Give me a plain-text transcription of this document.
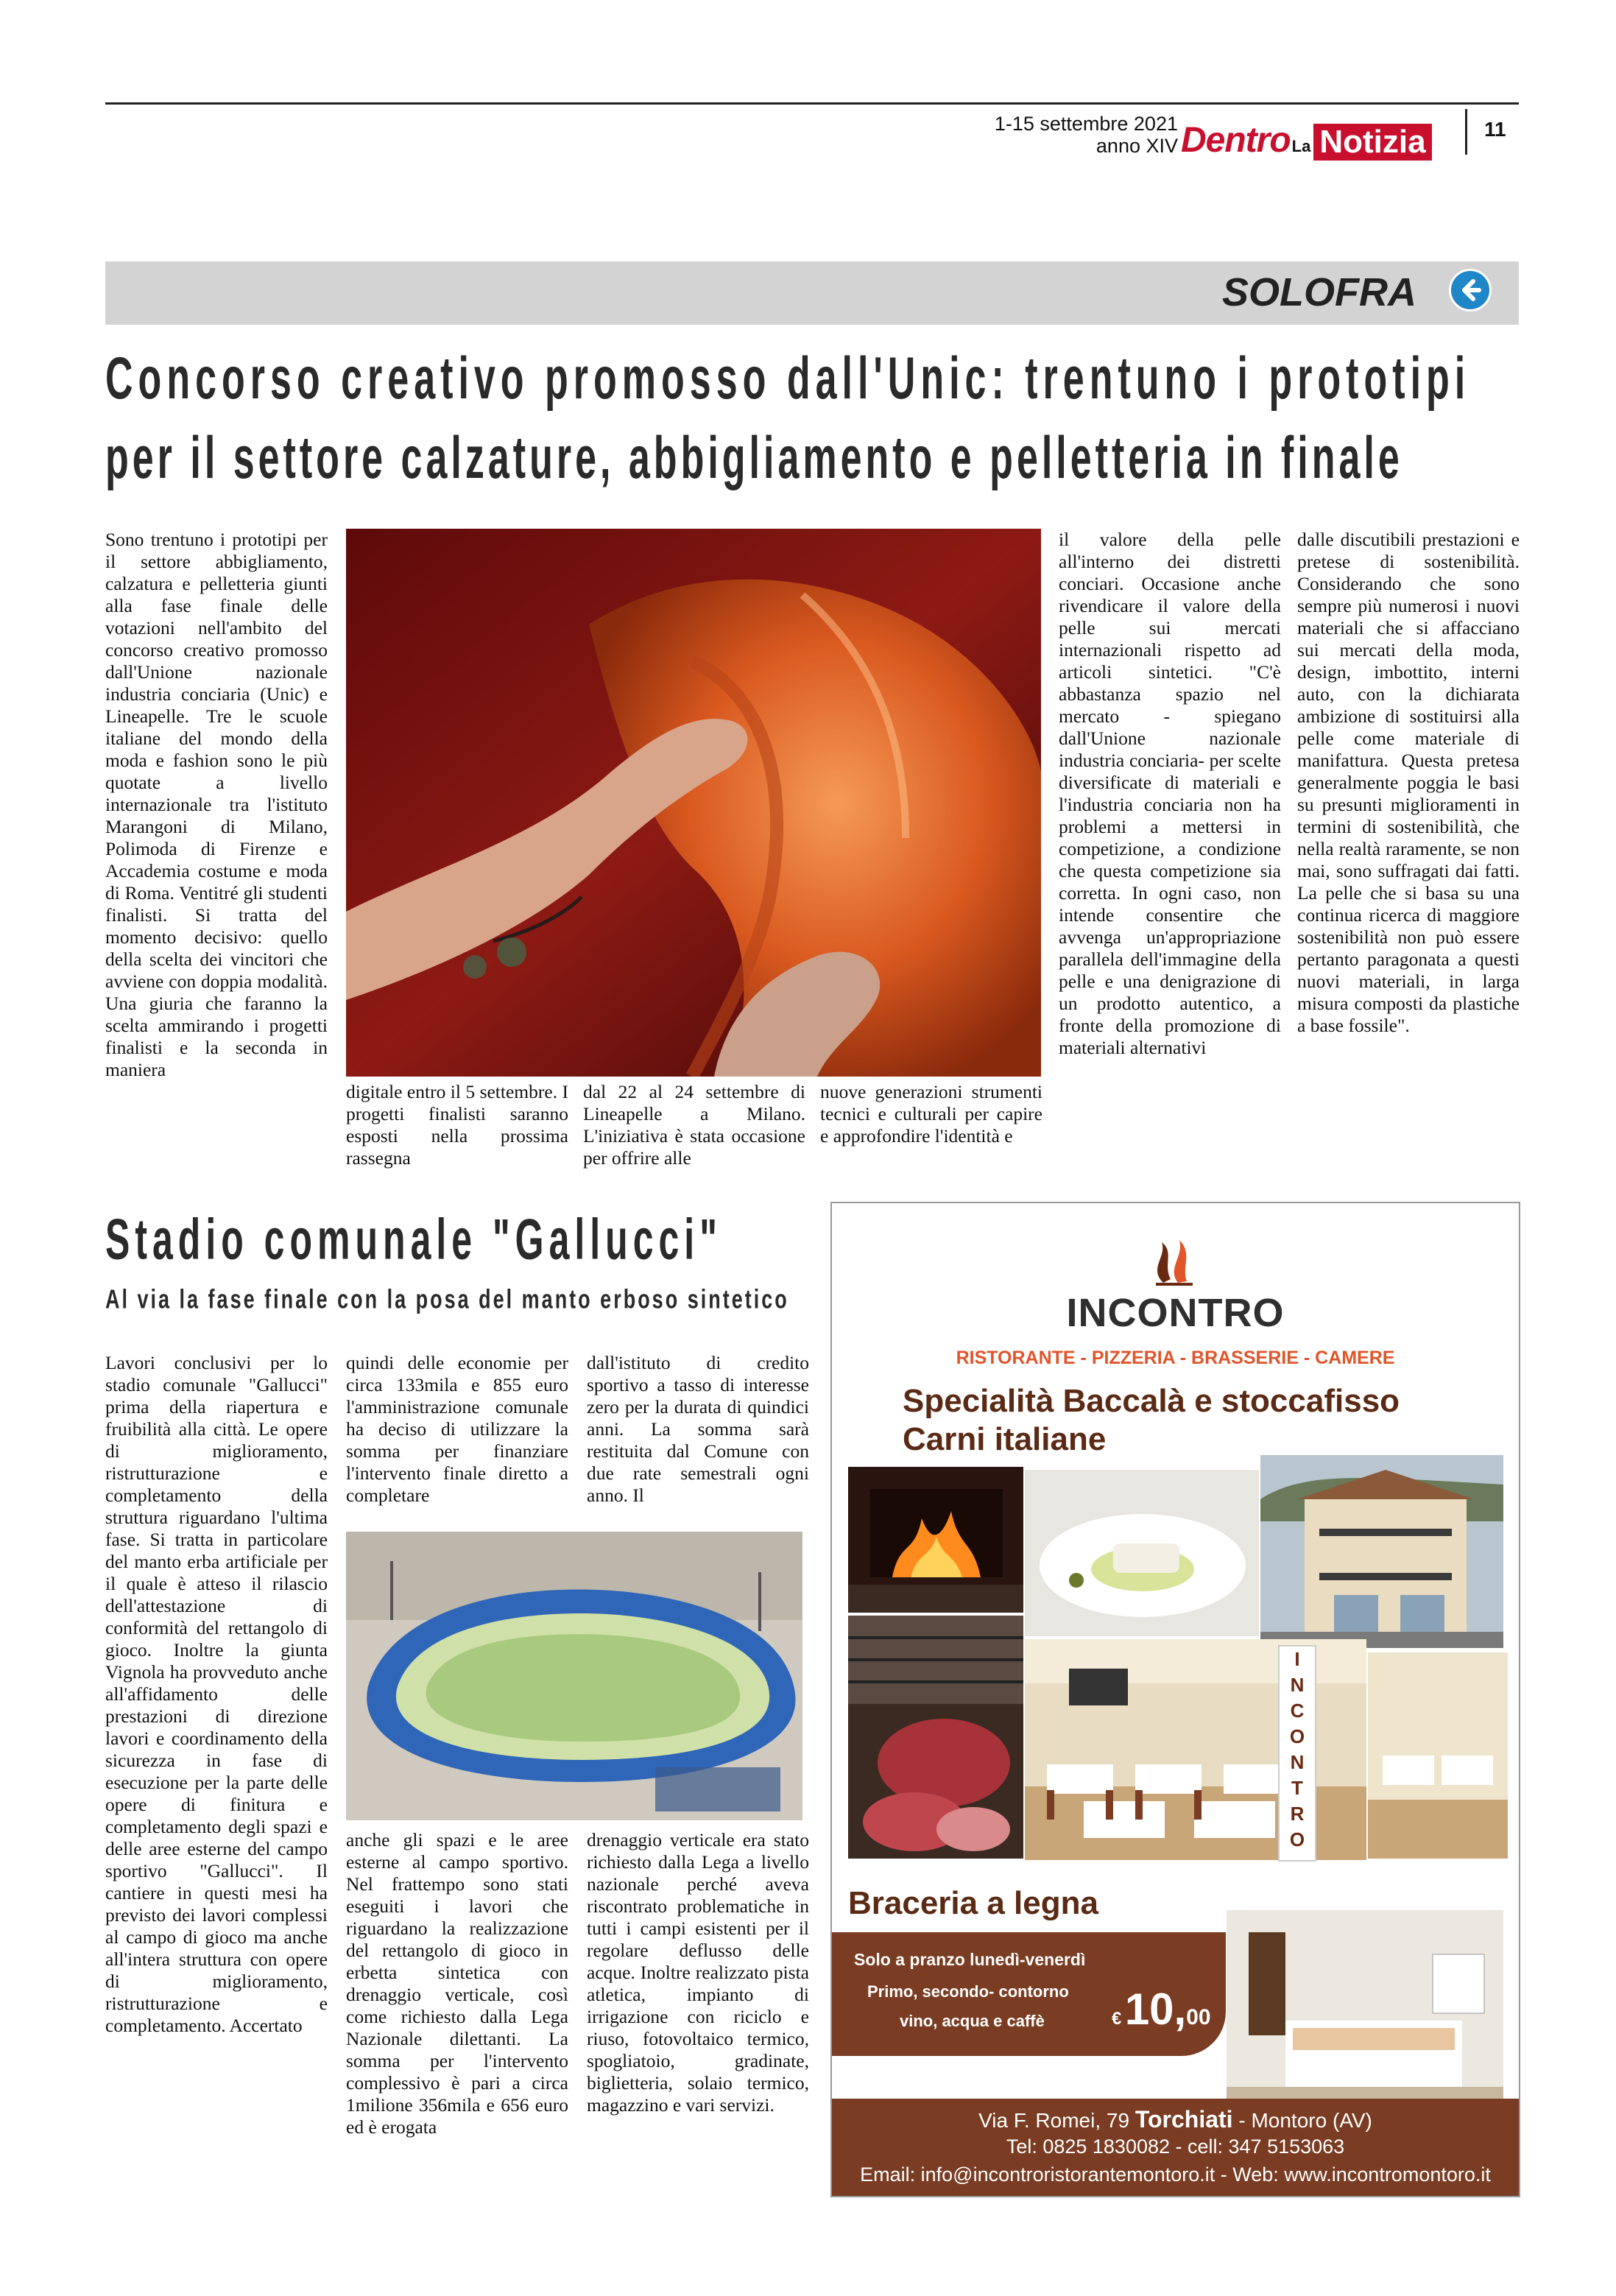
1-15 settembre 2021
anno XIV Dentro La Notizia	11
SOLOFRA
Concorso creativo promosso dall'Unic: trentuno i prototipi
per il settore calzature, abbigliamento e pelletteria in finale

Sono trentuno i prototipi per il settore abbigliamento, calzatura e pelletteria giunti alla fase finale delle votazioni nell'ambito del concorso creativo promosso dall'Unione nazionale industria conciaria (Unic) e Lineapelle. Tre le scuole italiane del mondo della moda e fashion sono le più quotate a livello internazionale tra l'istituto Marangoni di Milano, Polimoda di Firenze e Accademia costume e moda di Roma. Ventitré gli studenti finalisti. Si tratta del momento decisivo: quello della scelta dei vincitori che avviene con doppia modalità. Una giuria che faranno la scelta ammirando i progetti finalisti e la seconda in maniera

digitale entro il 5 settembre. I progetti finalisti saranno esposti nella prossima rassegna

dal 22 al 24 settembre di Lineapelle a Milano. L'iniziativa è stata occasione per offrire alle

nuove generazioni strumenti tecnici e culturali per capire e approfondire l'identità e

il valore della pelle all'interno dei distretti conciari. Occasione anche rivendicare il valore della pelle sui mercati internazionali rispetto ad articoli sintetici. "C'è abbastanza spazio nel mercato - spiegano dall'Unione nazionale industria conciaria- per scelte diversificate di materiali e l'industria conciaria non ha problemi a mettersi in competizione, a condizione che questa competizione sia corretta. In ogni caso, non intende consentire che avvenga un'appropriazione parallela dell'immagine della pelle e una denigrazione di un prodotto autentico, a fronte della promozione di materiali alternativi

dalle discutibili prestazioni e pretese di sostenibilità. Considerando che sono sempre più numerosi i nuovi materiali che si affacciano sui mercati della moda, design, imbottito, interni auto, con la dichiarata ambizione di sostituirsi alla pelle come materiale di manifattura. Questa pretesa generalmente poggia le basi su presunti miglioramenti in termini di sostenibilità, che nella realtà raramente, se non mai, sono suffragati dai fatti. La pelle che si basa su una continua ricerca di maggiore sostenibilità non può essere pertanto paragonata a questi nuovi materiali, in larga misura composti da plastiche a base fossile".

Stadio comunale "Gallucci"
Al via la fase finale con la posa del manto erboso sintetico

Lavori conclusivi per lo stadio comunale "Gallucci" prima della riapertura e fruibilità alla città. Le opere di miglioramento, ristrutturazione e completamento della struttura riguardano l'ultima fase. Si tratta in particolare del manto erba artificiale per il quale è atteso il rilascio dell'attestazione di conformità del rettangolo di gioco. Inoltre la giunta Vignola ha provveduto anche all'affidamento delle prestazioni di direzione lavori e coordinamento della sicurezza in fase di esecuzione per la parte delle opere di finitura e completamento degli spazi e delle aree esterne del campo sportivo "Gallucci". Il cantiere in questi mesi ha previsto dei lavori complessi al campo di gioco ma anche all'intera struttura con opere di miglioramento, ristrutturazione e completamento. Accertato

quindi delle economie per circa 133mila e 855 euro l'amministrazione comunale ha deciso di utilizzare la somma per finanziare l'intervento finale diretto a completare

dall'istituto di credito sportivo a tasso di interesse zero per la durata di quindici anni. La somma sarà restituita dal Comune con due rate semestrali ogni anno. Il

anche gli spazi e le aree esterne al campo sportivo. Nel frattempo sono stati eseguiti i lavori che riguardano la realizzazione del rettangolo di gioco in erbetta sintetica con drenaggio verticale, così come richiesto dalla Lega Nazionale dilettanti. La somma per l'intervento complessivo è pari a circa 1milione 356mila e 656 euro ed è erogata

drenaggio verticale era stato richiesto dalla Lega a livello nazionale perché aveva riscontrato problematiche in tutti i campi esistenti per il regolare deflusso delle acque. Inoltre realizzato pista atletica, impianto di irrigazione con riciclo e riuso, fotovoltaico termico, spogliatoio, gradinate, biglietteria, solaio termico, magazzino e vari servizi.

INCONTRO
RISTORANTE - PIZZERIA - BRASSERIE - CAMERE
Specialità Baccalà e stoccafisso
Carni italiane
I
N
C
O
N
T
R
O
Braceria a legna
Solo a pranzo lunedì-venerdì
Primo, secondo- contorno
vino, acqua e caffè	€ 10,00
Via F. Romei, 79 Torchiati - Montoro (AV)
Tel: 0825 1830082 - cell: 347 5153063
Email: info@incontroristorantemontoro.it - Web: www.incontromontoro.it
